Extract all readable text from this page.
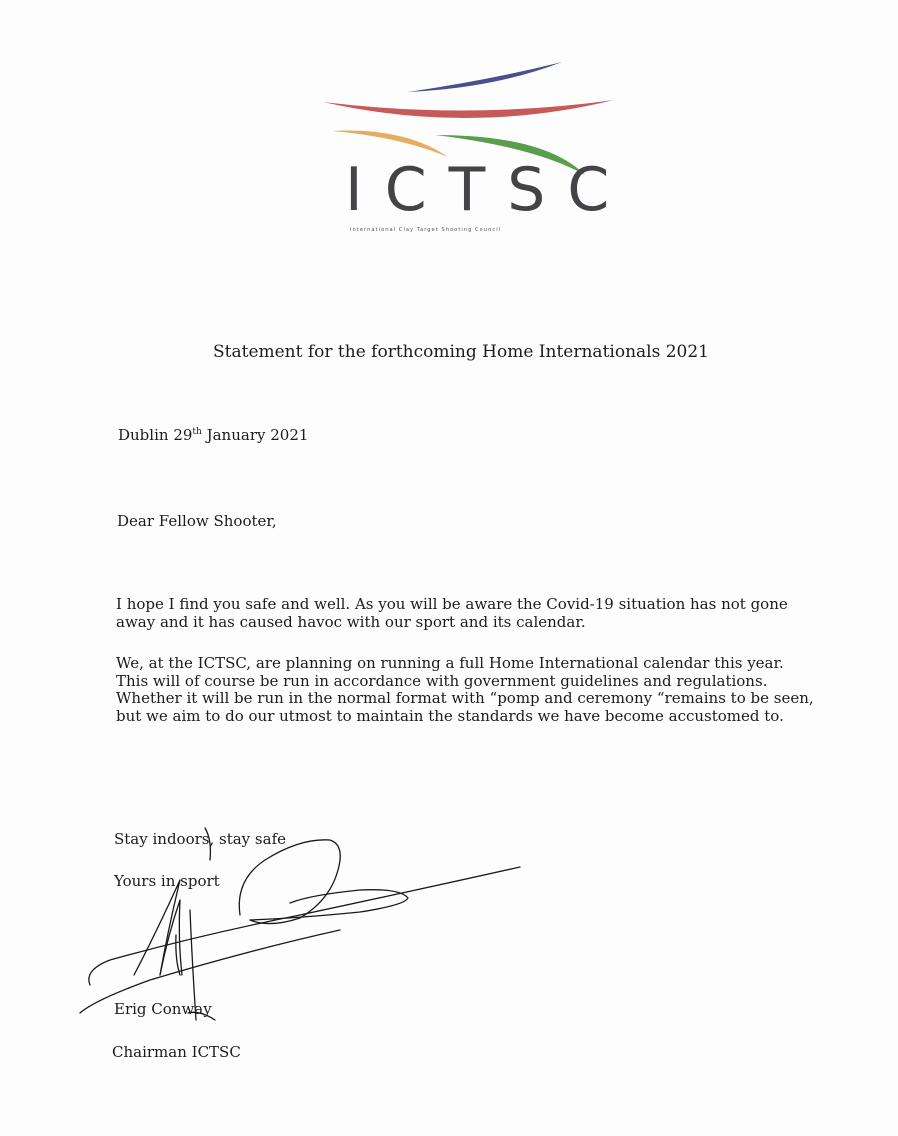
ICTSC
International Clay Target Shooting Council
Statement for the forthcoming Home Internationals 2021
Dublin 29th January 2021
Dear Fellow Shooter,

I hope I find you safe and well. As you will be aware the Covid-19 situation has not gone away and it has caused havoc with our sport and its calendar.

We, at the ICTSC, are planning on running a full Home International calendar this year. This will of course be run in accordance with government guidelines and regulations. Whether it will be run in the normal format with “pomp and ceremony “remains to be seen, but we aim to do our utmost to maintain the standards we have become accustomed to.

Stay indoors, stay safe
Yours in sport
Erig Conway
Chairman ICTSC
